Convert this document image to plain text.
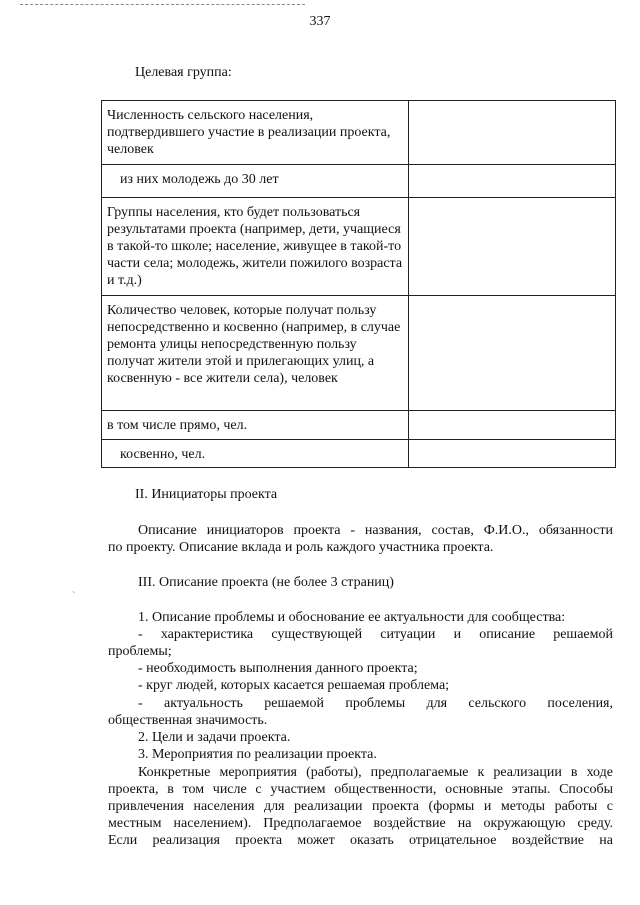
337
Целевая группа:
Численность сельского населения, подтвердившего участие в реализации проекта, человек	
из них молодежь до 30 лет	
Группы населения, кто будет пользоваться результатами проекта (например, дети, учащиеся в такой-то школе; население, живущее в такой-то части села; молодежь, жители пожилого возраста и т.д.)	
Количество человек, которые получат пользу непосредственно и косвенно (например, в случае ремонта улицы непосредственную пользу получат жители этой и прилегающих улиц, а косвенную - все жители села), человек	
в том числе прямо, чел.	
косвенно, чел.	
II. Инициаторы проекта
Описание инициаторов проекта - названия, состав, Ф.И.О., обязанности
по проекту. Описание вклада и роль каждого участника проекта.
III. Описание проекта (не более 3 страниц)
`
1. Описание проблемы и обоснование ее актуальности для сообщества:
- характеристика существующей ситуации и описание решаемой
проблемы;
- необходимость выполнения данного проекта;
- круг людей, которых касается решаемая проблема;
- актуальность решаемой проблемы для сельского поселения,
общественная значимость.
2. Цели и задачи проекта.
3. Мероприятия по реализации проекта.
Конкретные мероприятия (работы), предполагаемые к реализации в ходе
проекта, в том числе с участием общественности, основные этапы. Способы
привлечения населения для реализации проекта (формы и методы работы с
местным населением). Предполагаемое воздействие на окружающую среду.
Если реализация проекта может оказать отрицательное воздействие на
